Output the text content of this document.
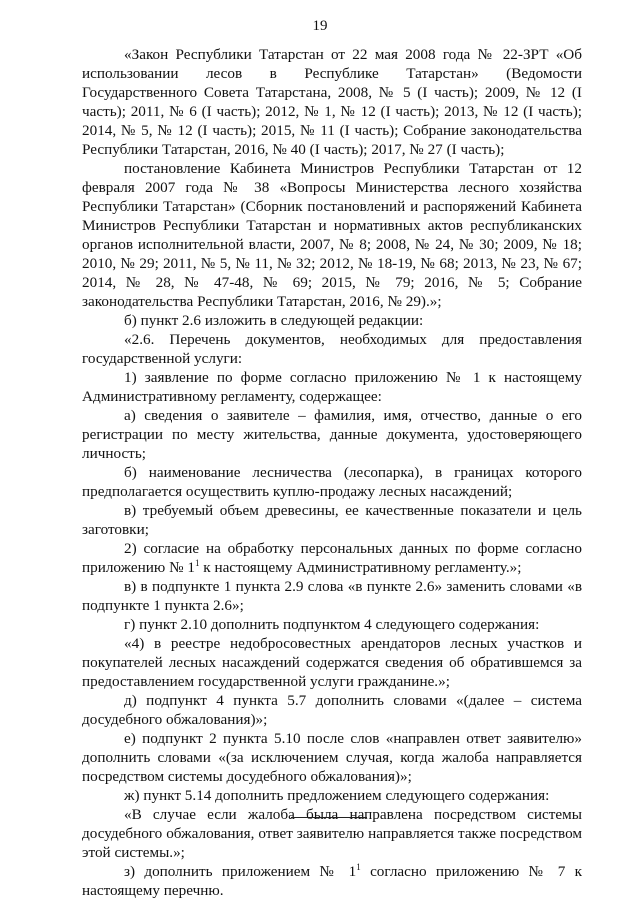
19

«Закон Республики Татарстан от 22 мая 2008 года № 22-ЗРТ «Об использовании лесов в Республике Татарстан» (Ведомости Государственного Совета Татарстана, 2008, № 5 (I часть); 2009, № 12 (I часть); 2011, № 6 (I часть); 2012, № 1, № 12 (I часть); 2013, № 12 (I часть); 2014, № 5, № 12 (I часть); 2015, № 11 (I часть); Собрание законодательства Республики Татарстан, 2016, № 40 (I часть); 2017, № 27 (I часть);

постановление Кабинета Министров Республики Татарстан от 12 февраля 2007 года № 38 «Вопросы Министерства лесного хозяйства Республики Татарстан» (Сборник постановлений и распоряжений Кабинета Министров Республики Татарстан и нормативных актов республиканских органов исполнительной власти, 2007, № 8; 2008, № 24, № 30; 2009, № 18; 2010, № 29; 2011, № 5, № 11, № 32; 2012, № 18-19, № 68; 2013, № 23, № 67; 2014, № 28, № 47-48, № 69; 2015, № 79; 2016, № 5; Собрание законодательства Республики Татарстан, 2016, № 29).»;

б) пункт 2.6 изложить в следующей редакции:

«2.6. Перечень документов, необходимых для предоставления государственной услуги:

1) заявление по форме согласно приложению № 1 к настоящему Административному регламенту, содержащее:

а) сведения о заявителе – фамилия, имя, отчество, данные о его регистрации по месту жительства, данные документа, удостоверяющего личность;

б) наименование лесничества (лесопарка), в границах которого предполагается осуществить куплю-продажу лесных насаждений;

в) требуемый объем древесины, ее качественные показатели и цель заготовки;

2) согласие на обработку персональных данных по форме согласно приложению № $1^1$ к настоящему Административному регламенту.»;

в) в подпункте 1 пункта 2.9 слова «в пункте 2.6» заменить словами «в подпункте 1 пункта 2.6»;

г) пункт 2.10 дополнить подпунктом 4 следующего содержания:

«4) в реестре недобросовестных арендаторов лесных участков и покупателей лесных насаждений содержатся сведения об обратившемся за предоставлением государственной услуги гражданине.»;

д) подпункт 4 пункта 5.7 дополнить словами «(далее – система досудебного обжалования)»;

е) подпункт 2 пункта 5.10 после слов «направлен ответ заявителю» дополнить словами «(за исключением случая, когда жалоба направляется посредством системы досудебного обжалования)»;

ж) пункт 5.14 дополнить предложением следующего содержания:

«В случае если жалоба была направлена посредством системы досудебного обжалования, ответ заявителю направляется также посредством этой системы.»;

з) дополнить приложением № $1^1$ согласно приложению № 7 к настоящему перечню.
